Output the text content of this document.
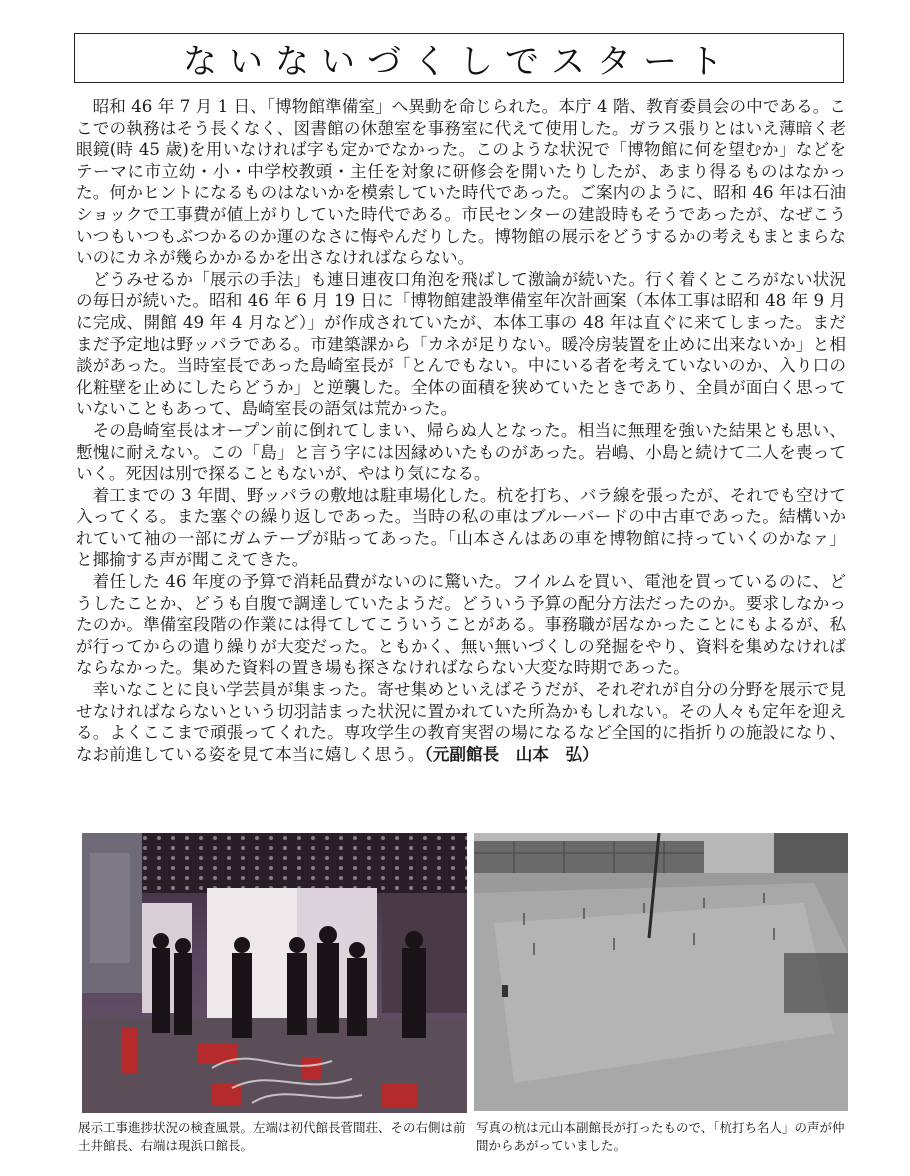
ないないづくしでスタート

昭和 46 年 7 月 1 日、「博物館準備室」へ異動を命じられた。本庁 4 階、教育委員会の中である。ここでの執務はそう長くなく、図書館の休憩室を事務室に代えて使用した。ガラス張りとはいえ薄暗く老眼鏡(時 45 歳)を用いなければ字も定かでなかった。このような状況で「博物館に何を望むか」などをテーマに市立幼・小・中学校教頭・主任を対象に研修会を開いたりしたが、あまり得るものはなかった。何かヒントになるものはないかを模索していた時代であった。ご案内のように、昭和 46 年は石油ショックで工事費が値上がりしていた時代である。市民センターの建設時もそうであったが、なぜこういつもいつもぶつかるのか運のなさに悔やんだりした。博物館の展示をどうするかの考えもまとまらないのにカネが幾らかかるかを出さなければならない。

どうみせるか「展示の手法」も連日連夜口角泡を飛ばして激論が続いた。行く着くところがない状況の毎日が続いた。昭和 46 年 6 月 19 日に「博物館建設準備室年次計画案（本体工事は昭和 48 年 9 月に完成、開館 49 年 4 月など）」が作成されていたが、本体工事の 48 年は直ぐに来てしまった。まだまだ予定地は野ッパラである。市建築課から「カネが足りない。暖冷房装置を止めに出来ないか」と相談があった。当時室長であった島崎室長が「とんでもない。中にいる者を考えていないのか、入り口の化粧壁を止めにしたらどうか」と逆襲した。全体の面積を狭めていたときであり、全員が面白く思っていないこともあって、島崎室長の語気は荒かった。

その島崎室長はオープン前に倒れてしまい、帰らぬ人となった。相当に無理を強いた結果とも思い、慙愧に耐えない。この「島」と言う字には因縁めいたものがあった。岩嶋、小島と続けて二人を喪っていく。死因は別で探ることもないが、やはり気になる。

着工までの 3 年間、野ッパラの敷地は駐車場化した。杭を打ち、バラ線を張ったが、それでも空けて入ってくる。また塞ぐの繰り返しであった。当時の私の車はブルーバードの中古車であった。結構いかれていて袖の一部にガムテープが貼ってあった。「山本さんはあの車を博物館に持っていくのかなァ」と揶揄する声が聞こえてきた。

着任した 46 年度の予算で消耗品費がないのに驚いた。フイルムを買い、電池を買っているのに、どうしたことか、どうも自腹で調達していたようだ。どういう予算の配分方法だったのか。要求しなかったのか。準備室段階の作業には得てしてこういうことがある。事務職が居なかったことにもよるが、私が行ってからの遣り繰りが大変だった。ともかく、無い無いづくしの発掘をやり、資料を集めなければならなかった。集めた資料の置き場も探さなければならない大変な時期であった。

幸いなことに良い学芸員が集まった。寄せ集めといえばそうだが、それぞれが自分の分野を展示で見せなければならないという切羽詰まった状況に置かれていた所為かもしれない。その人々も定年を迎える。よくここまで頑張ってくれた。専攻学生の教育実習の場になるなど全国的に指折りの施設になり、なお前進している姿を見て本当に嬉しく思う。（元副館長　山本　弘）

展示工事進捗状況の検査風景。左端は初代館長菅間荘、その右側は前土井館長、右端は現浜口館長。
写真の杭は元山本副館長が打ったもので、「杭打ち名人」の声が仲間からあがっていました。
